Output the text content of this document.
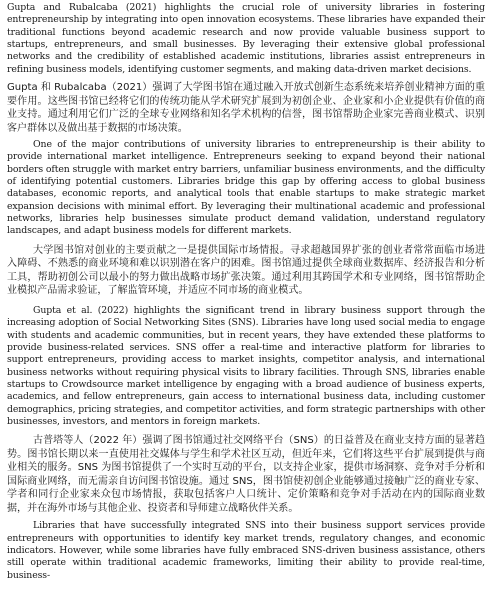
Gupta and Rubalcaba (2021) highlights the crucial role of university libraries in fostering entrepreneurship by integrating into open innovation ecosystems. These libraries have expanded their traditional functions beyond academic research and now provide valuable business support to startups, entrepreneurs, and small businesses. By leveraging their extensive global professional networks and the credibility of established academic institutions, libraries assist entrepreneurs in refining business models, identifying customer segments, and making data-driven market decisions.

Gupta 和 Rubalcaba（2021）强调了大学图书馆在通过融入开放式创新生态系统来培养创业精神方面的重要作用。这些图书馆已经将它们的传统功能从学术研究扩展到为初创企业、企业家和小企业提供有价值的商业支持。通过利用它们广泛的全球专业网络和知名学术机构的信誉，图书馆帮助企业家完善商业模式、识别客户群体以及做出基于数据的市场决策。

One of the major contributions of university libraries to entrepreneurship is their ability to provide international market intelligence. Entrepreneurs seeking to expand beyond their national borders often struggle with market entry barriers, unfamiliar business environments, and the difficulty of identifying potential customers. Libraries bridge this gap by offering access to global business databases, economic reports, and analytical tools that enable startups to make strategic market expansion decisions with minimal effort. By leveraging their multinational academic and professional networks, libraries help businesses simulate product demand validation, understand regulatory landscapes, and adapt business models for different markets.

大学图书馆对创业的主要贡献之一是提供国际市场情报。寻求超越国界扩张的创业者常常面临市场进入障碍、不熟悉的商业环境和难以识别潜在客户的困难。图书馆通过提供全球商业数据库、经济报告和分析工具，帮助初创公司以最小的努力做出战略市场扩张决策。通过利用其跨国学术和专业网络，图书馆帮助企业模拟产品需求验证，了解监管环境，并适应不同市场的商业模式。

Gupta et al. (2022) highlights the significant trend in library business support through the increasing adoption of Social Networking Sites (SNS). Libraries have long used social media to engage with students and academic communities, but in recent years, they have extended these platforms to provide business-related services. SNS offer a real-time and interactive platform for libraries to support entrepreneurs, providing access to market insights, competitor analysis, and international business networks without requiring physical visits to library facilities. Through SNS, libraries enable startups to Crowdsource market intelligence by engaging with a broad audience of business experts, academics, and fellow entrepreneurs, gain access to international business data, including customer demographics, pricing strategies, and competitor activities, and form strategic partnerships with other businesses, investors, and mentors in foreign markets.

古普塔等人（2022 年）强调了图书馆通过社交网络平台（SNS）的日益普及在商业支持方面的显著趋势。图书馆长期以来一直使用社交媒体与学生和学术社区互动，但近年来，它们将这些平台扩展到提供与商业相关的服务。SNS 为图书馆提供了一个实时互动的平台，以支持企业家，提供市场洞察、竞争对手分析和国际商业网络，而无需亲自访问图书馆设施。通过 SNS，图书馆使初创企业能够通过接触广泛的商业专家、学者和同行企业家来众包市场情报，获取包括客户人口统计、定价策略和竞争对手活动在内的国际商业数据，并在海外市场与其他企业、投资者和导师建立战略伙伴关系。

Libraries that have successfully integrated SNS into their business support services provide entrepreneurs with opportunities to identify key market trends, regulatory changes, and economic indicators. However, while some libraries have fully embraced SNS-driven business assistance, others still operate within traditional academic frameworks, limiting their ability to provide real-time, business-
